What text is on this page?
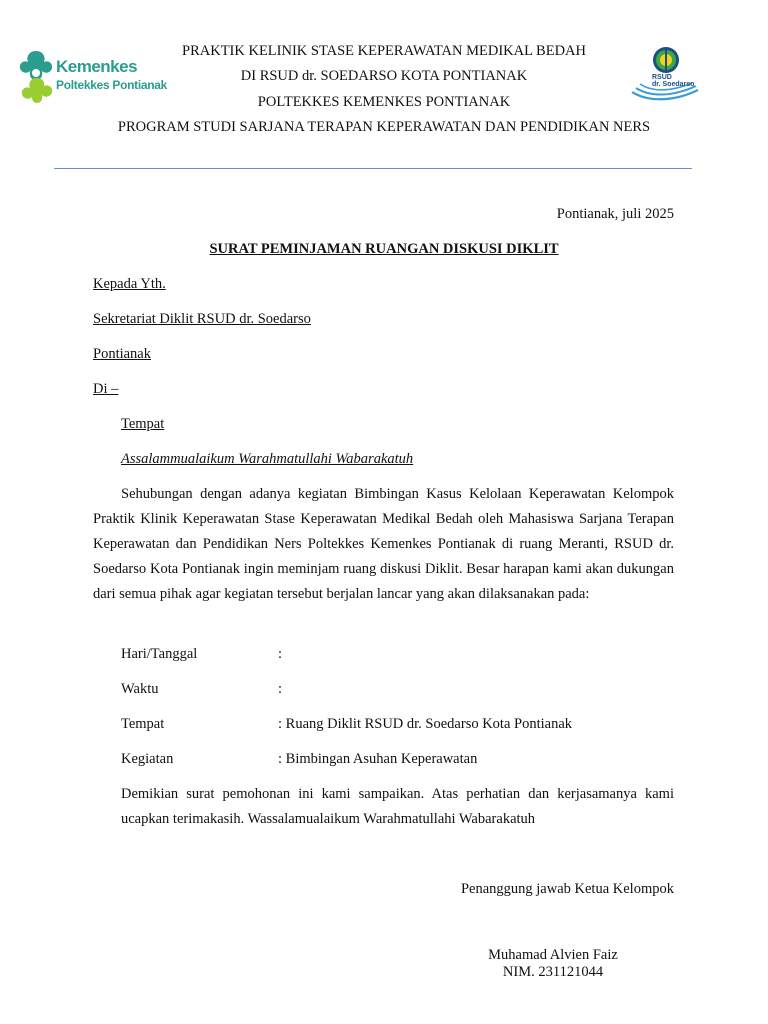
Kemenkes
Poltekkes Pontianak
RSUD
dr. Soedarso
PRAKTIK KELINIK STASE KEPERAWATAN MEDIKAL BEDAH
DI RSUD dr. SOEDARSO KOTA PONTIANAK
POLTEKKES KEMENKES PONTIANAK
PROGRAM STUDI SARJANA TERAPAN KEPERAWATAN DAN PENDIDIKAN NERS
Pontianak, juli 2025
SURAT PEMINJAMAN RUANGAN DISKUSI DIKLIT
Kepada Yth.
Sekretariat Diklit RSUD dr. Soedarso
Pontianak
Di –
Tempat
Assalammualaikum Warahmatullahi Wabarakatuh
Sehubungan dengan adanya kegiatan Bimbingan Kasus Kelolaan Keperawatan Kelompok Praktik Klinik Keperawatan Stase Keperawatan Medikal Bedah oleh Mahasiswa Sarjana Terapan Keperawatan dan Pendidikan Ners Poltekkes Kemenkes Pontianak di ruang Meranti, RSUD dr. Soedarso Kota Pontianak ingin meminjam ruang diskusi Diklit. Besar harapan kami akan dukungan dari semua pihak agar kegiatan tersebut berjalan lancar yang akan dilaksanakan pada:
Hari/Tanggal	:
Waktu	:
Tempat	: Ruang Diklit RSUD dr. Soedarso Kota Pontianak
Kegiatan	: Bimbingan Asuhan Keperawatan
Demikian surat pemohonan ini kami sampaikan. Atas perhatian dan kerjasamanya kami ucapkan terimakasih. Wassalamualaikum Warahmatullahi Wabarakatuh
Penanggung jawab Ketua Kelompok
Muhamad Alvien Faiz
NIM. 231121044
